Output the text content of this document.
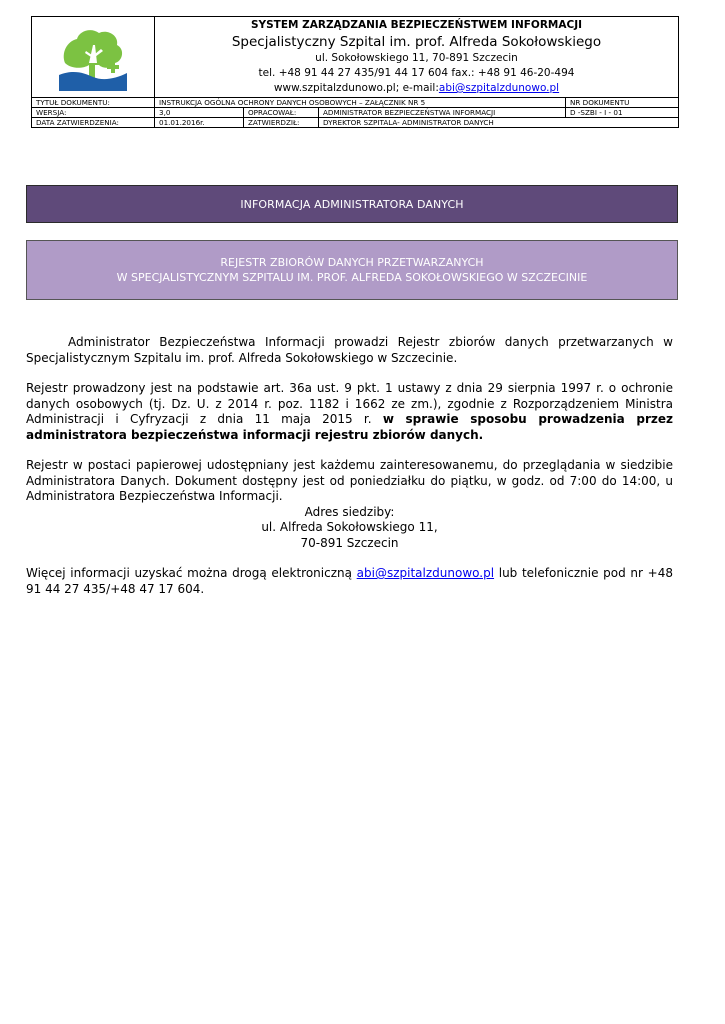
SYSTEM ZARZĄDZANIA BEZPIECZEŃSTWEM INFORMACJI
Specjalistyczny Szpital im. prof. Alfreda Sokołowskiego
ul. Sokołowskiego 11, 70-891 Szczecin
tel. +48 91 44 27 435/91 44 17 604 fax.: +48 91 46-20-494
www.szpitalzdunowo.pl; e-mail:abi@szpitalzdunowo.pl			

TYTUŁ DOKUMENTU:	INSTRUKCJA OGÓLNA OCHRONY DANYCH OSOBOWYCH – ZAŁĄCZNIK NR 5			NR DOKUMENTU
WERSJA:	3,0	OPRACOWAŁ:	ADMINISTRATOR BEZPIECZEŃSTWA INFORMACJI	D -SZBI - I - 01
DATA ZATWIERDZENIA:	01.01.2016r.	ZATWIERDZIŁ:	DYREKTOR SZPITALA- ADMINISTRATOR DANYCH	
INFORMACJA ADMINISTRATORA DANYCH
REJESTR ZBIORÓW DANYCH PRZETWARZANYCH
W SPECJALISTYCZNYM SZPITALU IM. PROF. ALFREDA SOKOŁOWSKIEGO W SZCZECINIE

Administrator Bezpieczeństwa Informacji prowadzi Rejestr zbiorów danych przetwarzanych w Specjalistycznym Szpitalu im. prof. Alfreda Sokołowskiego w Szczecinie.

Rejestr prowadzony jest na podstawie art. 36a ust. 9 pkt. 1 ustawy z dnia 29 sierpnia 1997 r. o ochronie danych osobowych (tj. Dz. U. z 2014 r. poz. 1182 i 1662 ze zm.), zgodnie z Rozporządzeniem Ministra Administracji i Cyfryzacji z dnia 11 maja 2015 r. w sprawie sposobu prowadzenia przez administratora bezpieczeństwa informacji rejestru zbiorów danych.

Rejestr w postaci papierowej udostępniany jest każdemu zainteresowanemu, do przeglądania w siedzibie Administratora Danych. Dokument dostępny jest od poniedziałku do piątku, w godz. od 7:00 do 14:00, u Administratora Bezpieczeństwa Informacji.

Adres siedziby:
ul. Alfreda Sokołowskiego 11,
70-891 Szczecin

Więcej informacji uzyskać można drogą elektroniczną abi@szpitalzdunowo.pl lub telefonicznie pod nr +48 91 44 27 435/+48 47 17 604.
